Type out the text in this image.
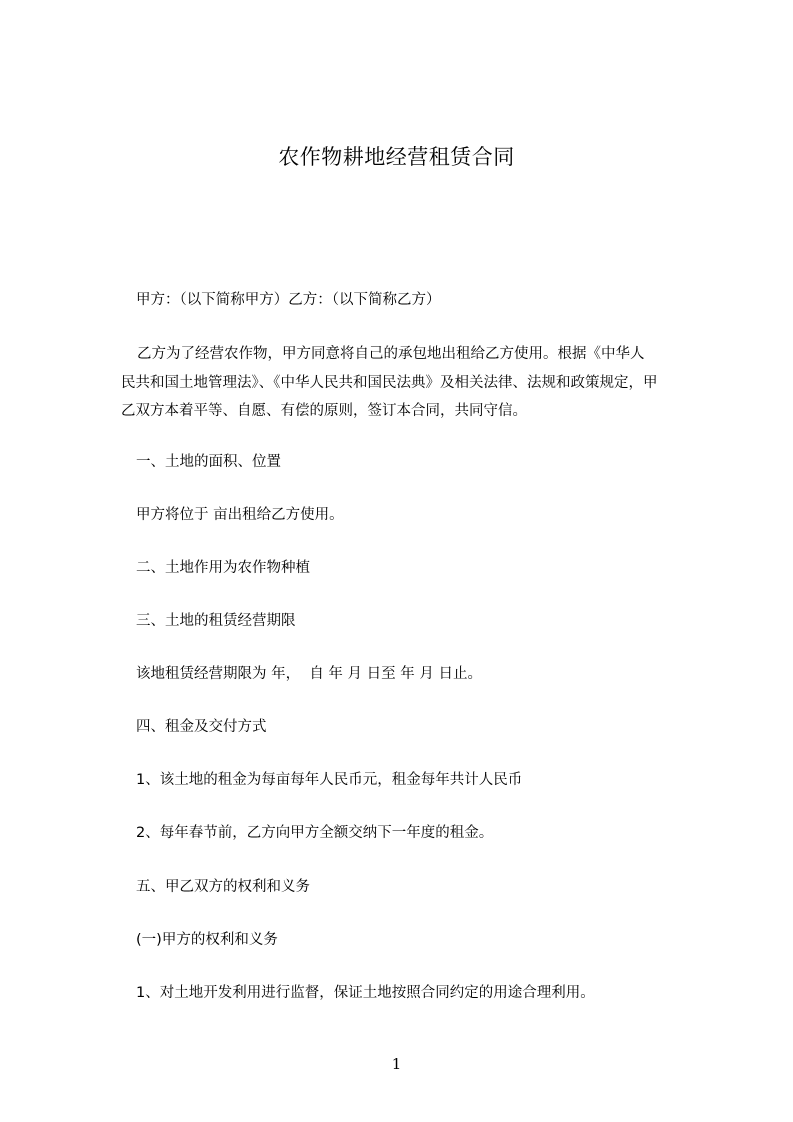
农作物耕地经营租赁合同
甲方：（以下简称甲方）乙方：（以下简称乙方）
乙方为了经营农作物，甲方同意将自己的承包地出租给乙方使用。根据《中华人
民共和国土地管理法》、《中华人民共和国民法典》及相关法律、法规和政策规定，甲
乙双方本着平等、自愿、有偿的原则，签订本合同，共同守信。
一、土地的面积、位置
甲方将位于 亩出租给乙方使用。
二、土地作用为农作物种植
三、土地的租赁经营期限
该地租赁经营期限为 年，  自 年 月 日至 年 月 日止。
四、租金及交付方式
1、该土地的租金为每亩每年人民币元，租金每年共计人民币
2、每年春节前，乙方向甲方全额交纳下一年度的租金。
五、甲乙双方的权利和义务
(一)甲方的权利和义务
1、对土地开发利用进行监督，保证土地按照合同约定的用途合理利用。
1
